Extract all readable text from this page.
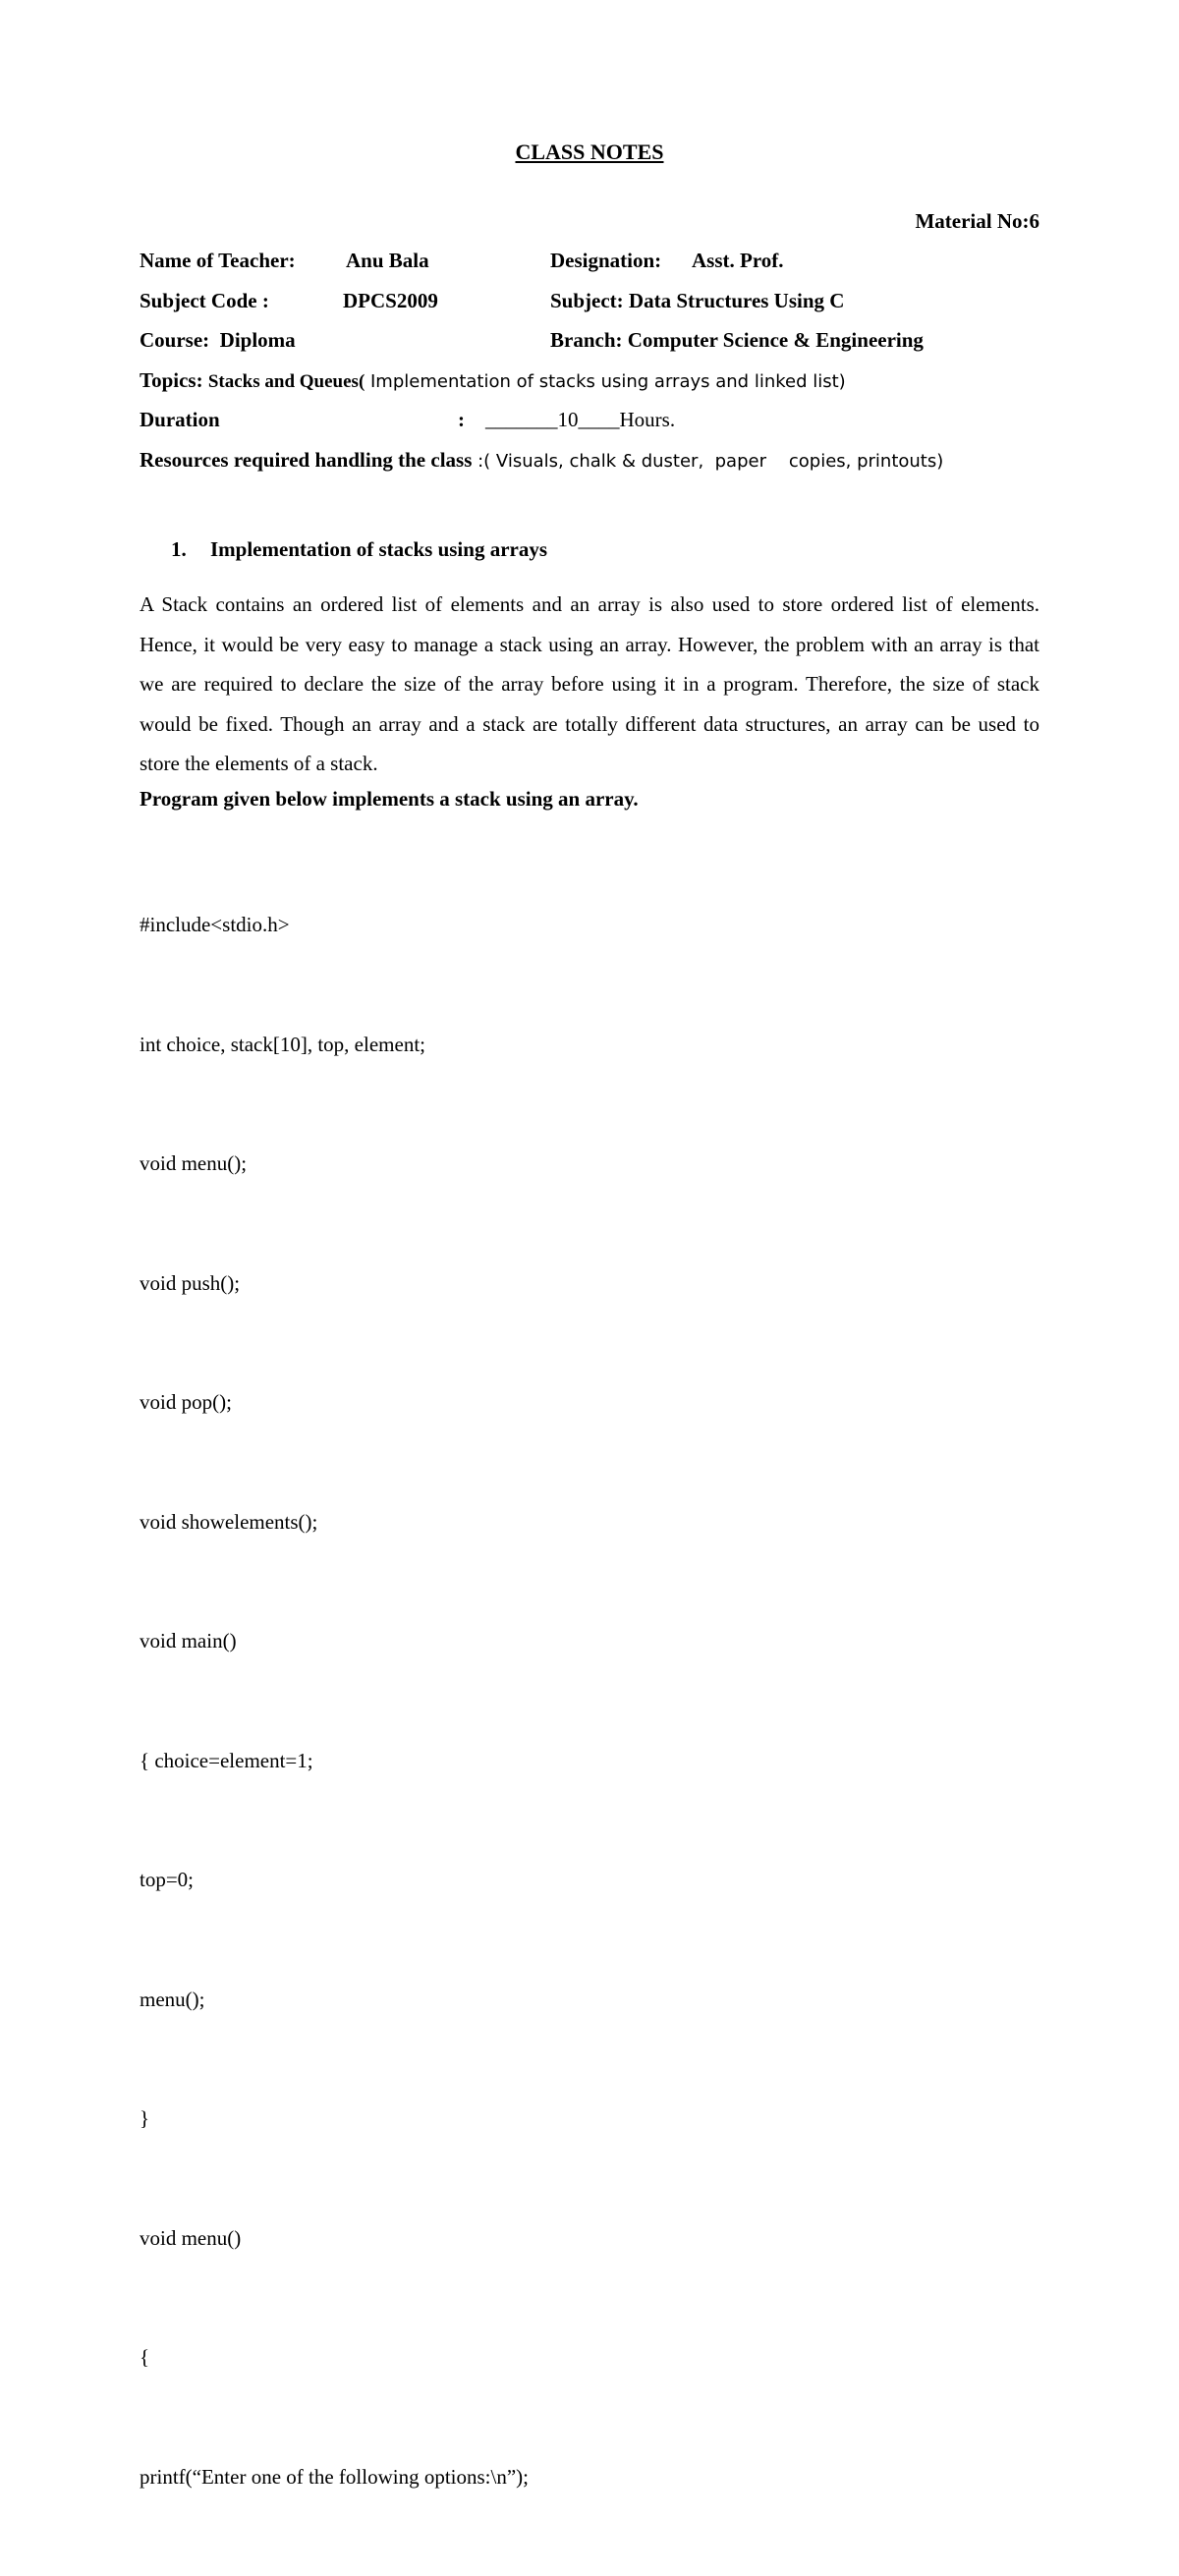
CLASS NOTES
Material No:6
Name of Teacher: Anu Bala	Designation: Asst. Prof.
Subject Code :	DPCS2009	Subject: Data Structures Using C
Course: Diploma	Branch: Computer Science & Engineering
Topics: Stacks and Queues( Implementation of stacks using arrays and linked list)
Duration	: _______10____Hours.
Resources required handling the class :( Visuals, chalk & duster,  paper    copies, printouts)
1. Implementation of stacks using arrays
A Stack contains an ordered list of elements and an array is also used to store ordered list of elements. Hence, it would be very easy to manage a stack using an array. However, the problem with an array is that we are required to declare the size of the array before using it in a program. Therefore, the size of stack would be fixed. Though an array and a stack are totally different data structures, an array can be used to store the elements of a stack.
Program given below implements a stack using an array.

#include<stdio.h>

int choice, stack[10], top, element;

void menu();

void push();

void pop();

void showelements();

void main()

{ choice=element=1;

top=0;

menu();

}

void menu()

{

printf(“Enter one of the following options:\n”);
